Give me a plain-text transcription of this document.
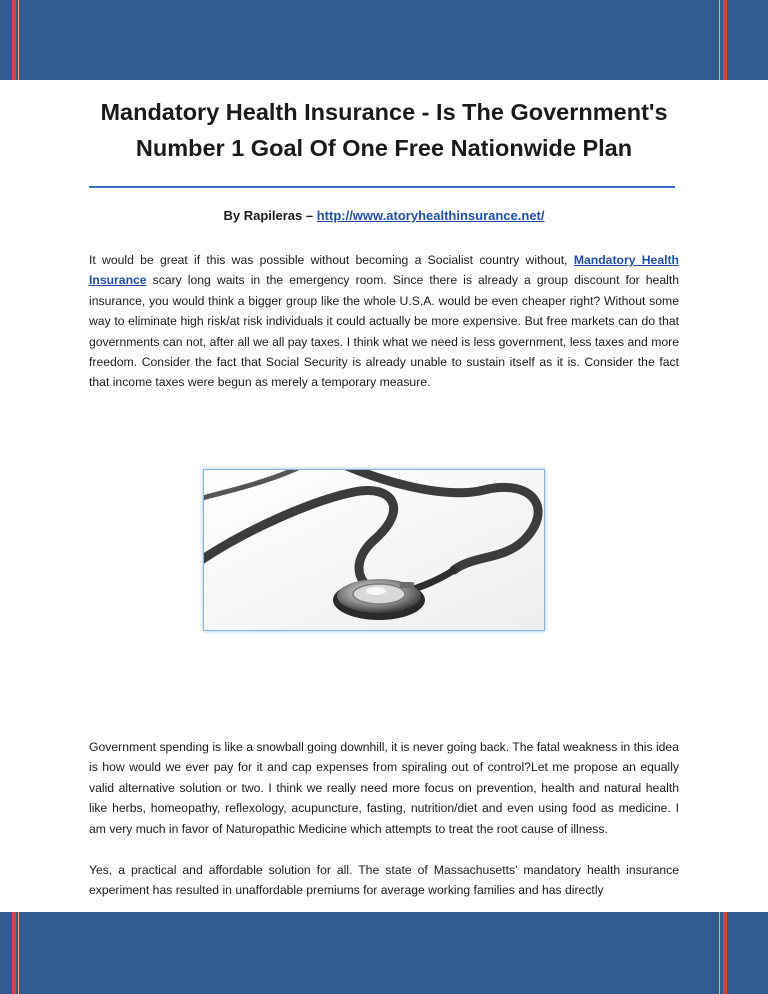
Mandatory Health Insurance - Is The Government's Number 1 Goal Of One Free Nationwide Plan
By Rapileras – http://www.atoryhealthinsurance.net/

It would be great if this was possible without becoming a Socialist country without, Mandatory Health Insurance scary long waits in the emergency room. Since there is already a group discount for health insurance, you would think a bigger group like the whole U.S.A. would be even cheaper right? Without some way to eliminate high risk/at risk individuals it could actually be more expensive. But free markets can do that governments can not, after all we all pay taxes. I think what we need is less government, less taxes and more freedom. Consider the fact that Social Security is already unable to sustain itself as it is. Consider the fact that income taxes were begun as merely a temporary measure.

Government spending is like a snowball going downhill, it is never going back. The fatal weakness in this idea is how would we ever pay for it and cap expenses from spiraling out of control?Let me propose an equally valid alternative solution or two. I think we really need more focus on prevention, health and natural health like herbs, homeopathy, reflexology, acupuncture, fasting, nutrition/diet and even using food as medicine. I am very much in favor of Naturopathic Medicine which attempts to treat the root cause of illness.

Yes, a practical and affordable solution for all. The state of Massachusetts' mandatory health insurance experiment has resulted in unaffordable premiums for average working families and has directly
